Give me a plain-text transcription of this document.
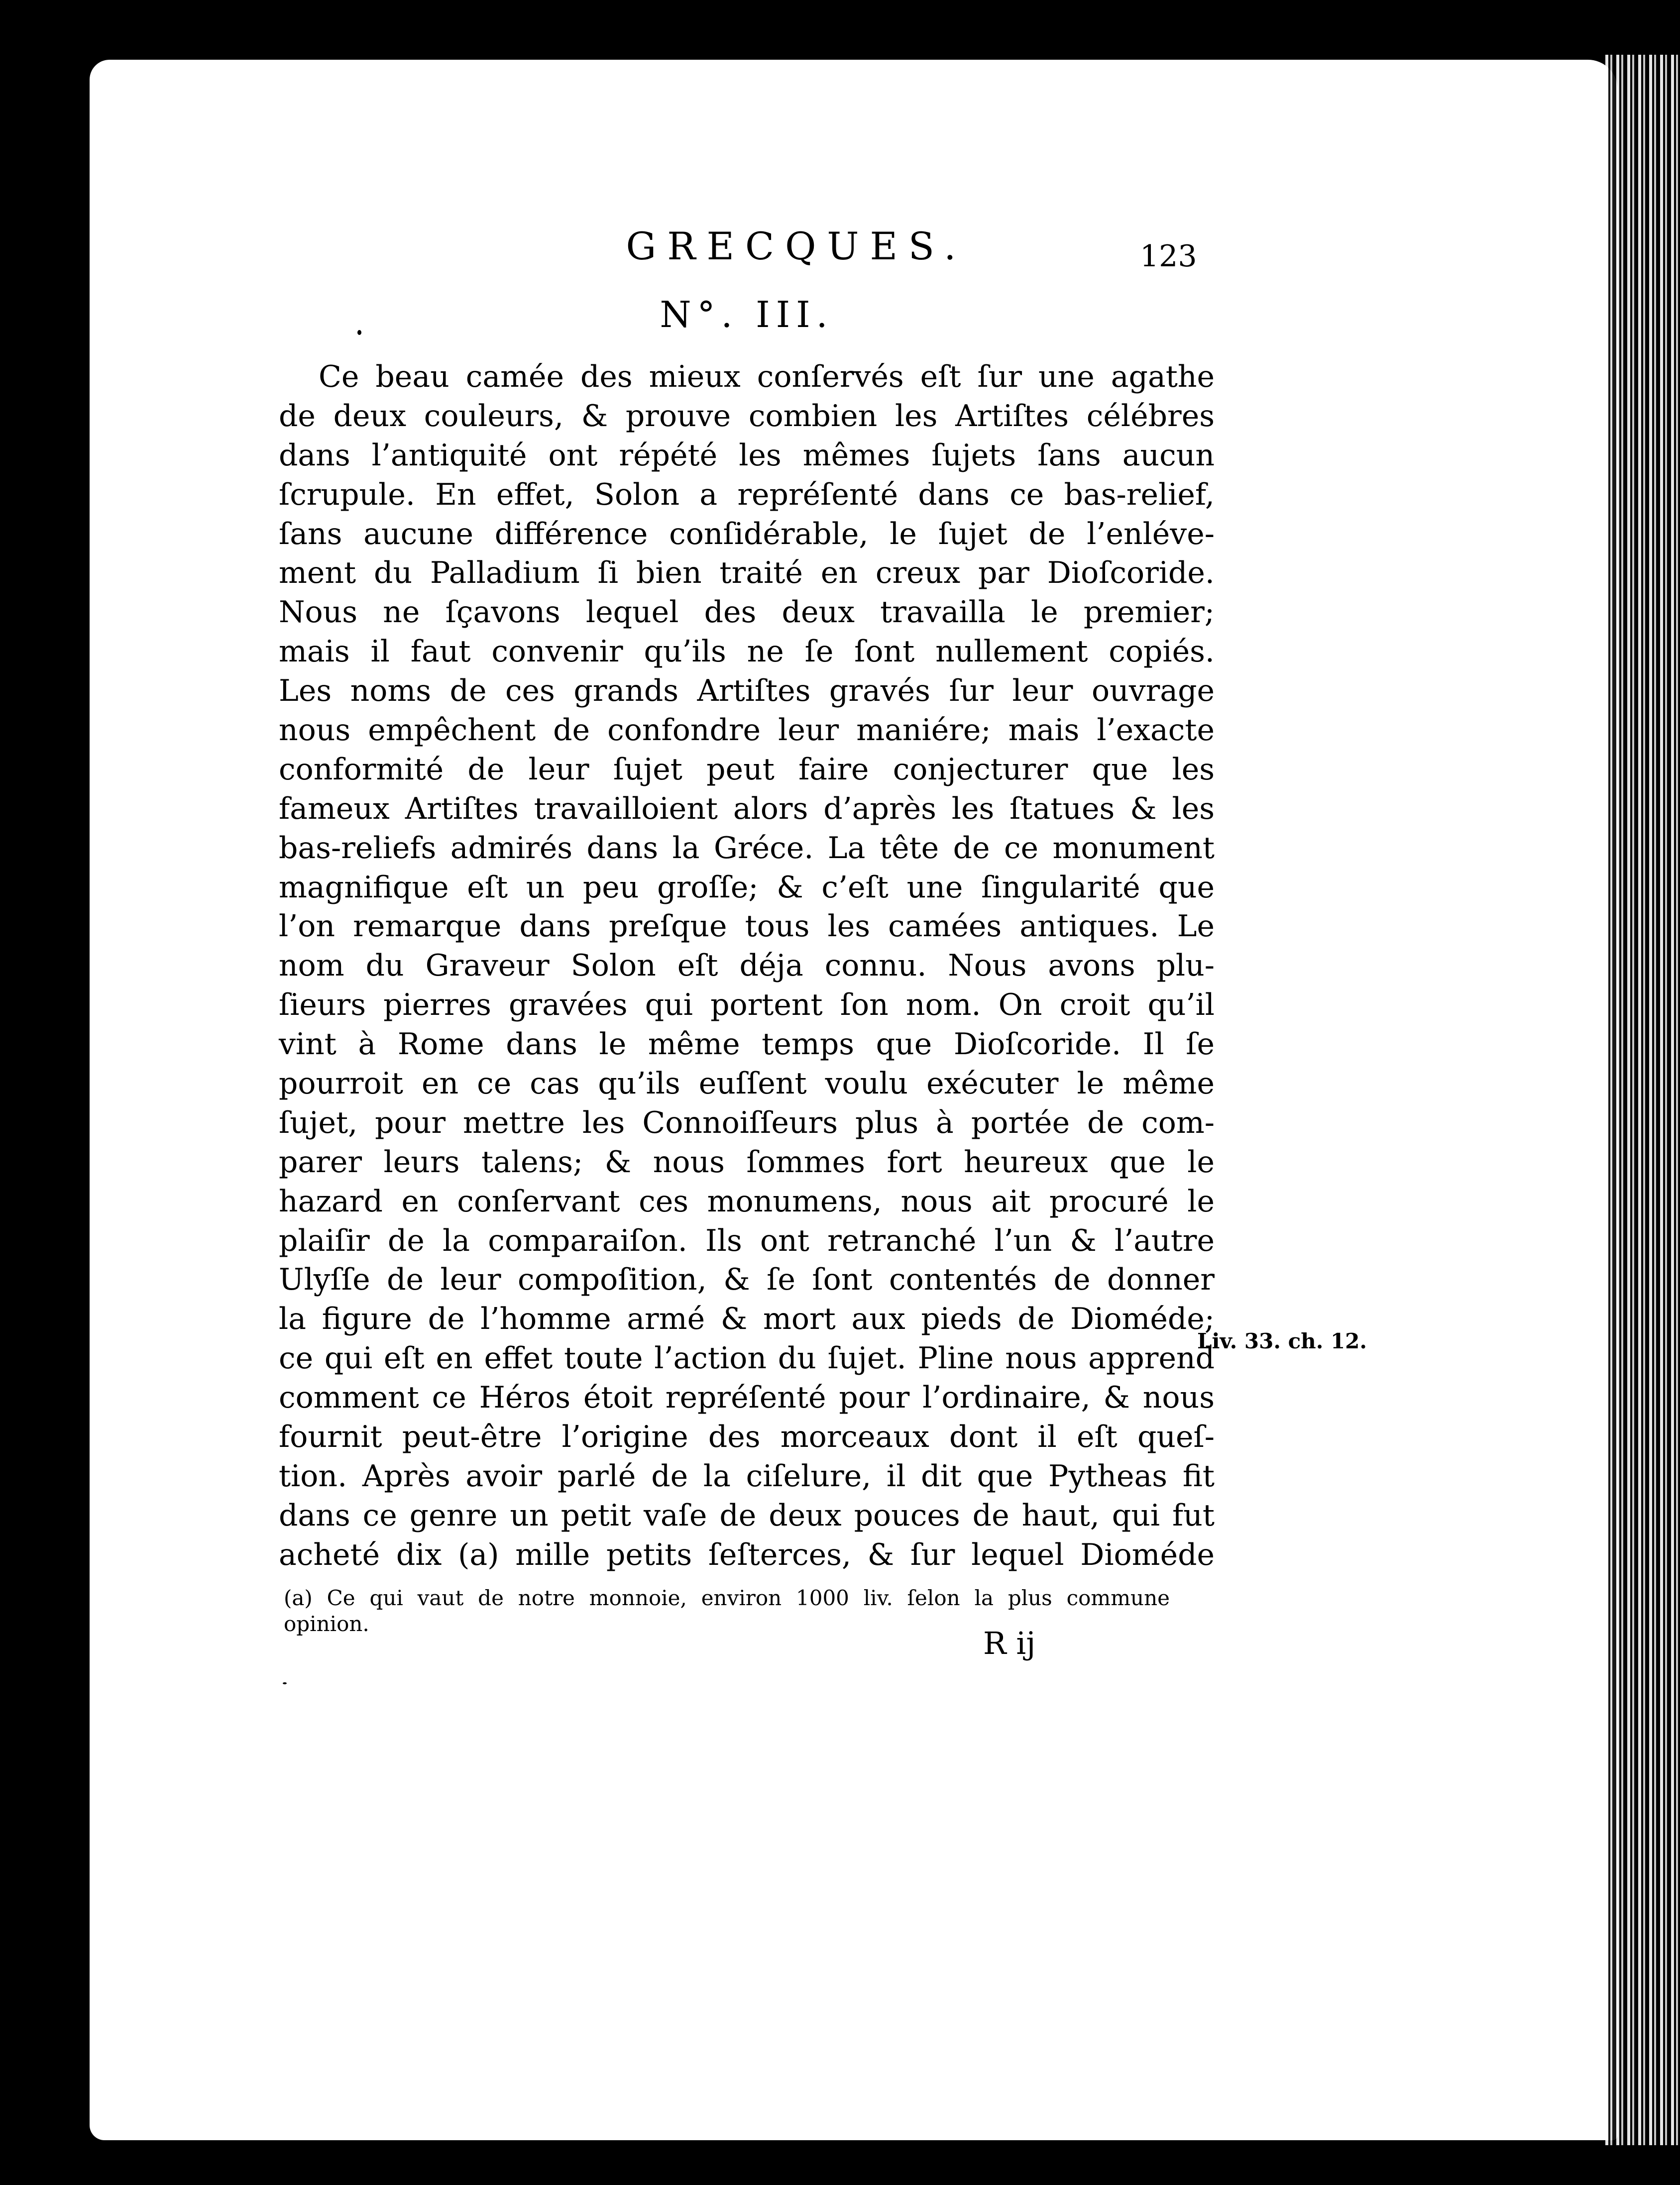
GRECQUES.	123
N°. III.
Ce beau camée des mieux conſervés eſt ſur une agathe
de deux couleurs, & prouve combien les Artiſtes célébres
dans l’antiquité ont répété les mêmes ſujets ſans aucun
ſcrupule. En effet, Solon a repréſenté dans ce bas-relief,
ſans aucune différence conſidérable, le ſujet de l’enléve-
ment du Palladium ſi bien traité en creux par Dioſcoride.
Nous ne ſçavons lequel des deux travailla le premier;
mais il faut convenir qu’ils ne ſe ſont nullement copiés.
Les noms de ces grands Artiſtes gravés ſur leur ouvrage
nous empêchent de confondre leur maniére; mais l’exacte
conformité de leur ſujet peut faire conjecturer que les
fameux Artiſtes travailloient alors d’après les ſtatues & les
bas-reliefs admirés dans la Gréce. La tête de ce monument
magnifique eſt un peu groſſe; & c’eſt une ſingularité que
l’on remarque dans preſque tous les camées antiques. Le
nom du Graveur Solon eſt déja connu. Nous avons plu-
ſieurs pierres gravées qui portent ſon nom. On croit qu’il
vint à Rome dans le même temps que Dioſcoride. Il ſe
pourroit en ce cas qu’ils euſſent voulu exécuter le même
ſujet, pour mettre les Connoiſſeurs plus à portée de com-
parer leurs talens; & nous ſommes fort heureux que le
hazard en conſervant ces monumens, nous ait procuré le
plaiſir de la comparaiſon. Ils ont retranché l’un & l’autre
Ulyſſe de leur compoſition, & ſe ſont contentés de donner
la figure de l’homme armé & mort aux pieds de Dioméde;
ce qui eſt en effet toute l’action du ſujet. Pline nous apprend
comment ce Héros étoit repréſenté pour l’ordinaire, & nous
fournit peut-être l’origine des morceaux dont il eſt queſ-
tion. Après avoir parlé de la ciſelure, il dit que Pytheas fit
dans ce genre un petit vaſe de deux pouces de haut, qui fut
acheté dix (a) mille petits ſeſterces, & ſur lequel Dioméde
Liv. 33. ch. 12.
(a) Ce qui vaut de notre monnoie, environ 1000 liv. ſelon la plus commune
opinion.
R ij
